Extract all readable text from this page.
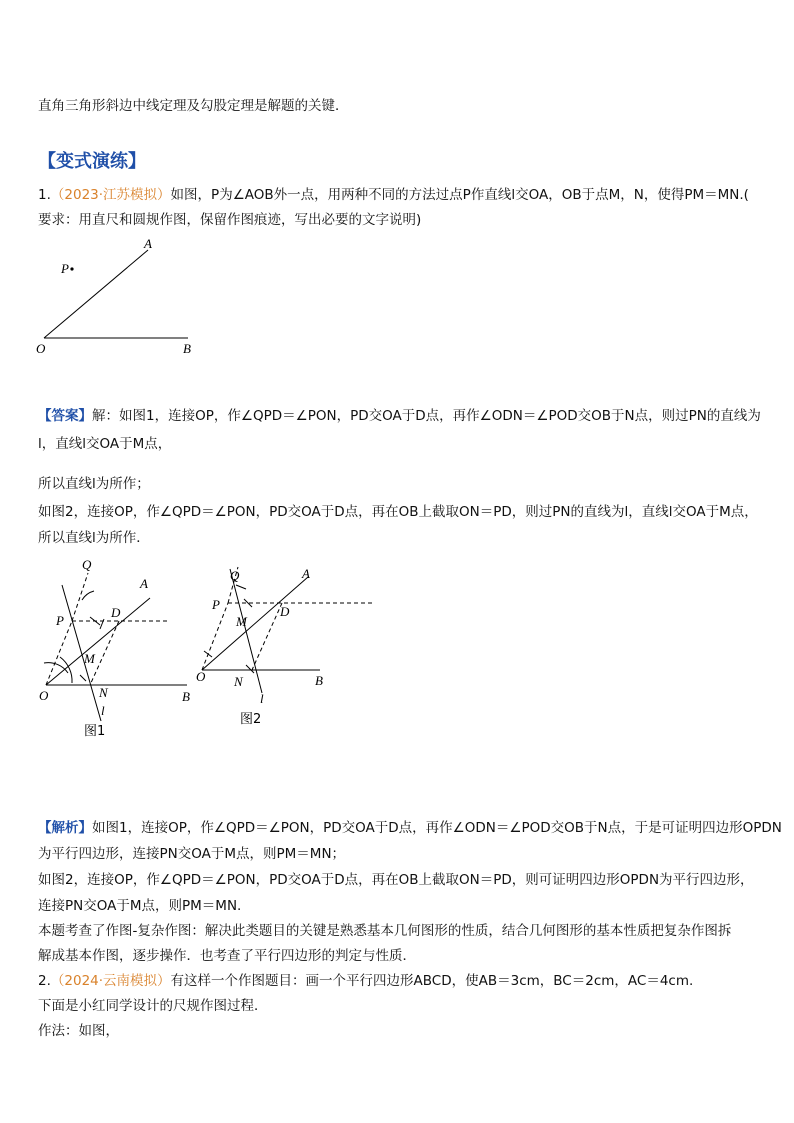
直角三角形斜边中线定理及勾股定理是解题的关键．
【变式演练】
1.（2023·江苏模拟）如图，P为∠AOB外一点，用两种不同的方法过点P作直线l交OA，OB于点M，N，使得PM＝MN.(
要求：用直尺和圆规作图，保留作图痕迹，写出必要的文字说明)
A
P
O	B
【答案】解：如图1，连接OP，作∠QPD＝∠PON，PD交OA于D点，再作∠ODN＝∠POD交OB于N点，则过PN的直线为
l，直线l交OA于M点，
所以直线l为所作；
如图2，连接OP，作∠QPD＝∠PON，PD交OA于D点，再在OB上截取ON＝PD，则过PN的直线为l，直线l交OA于M点，
所以直线l为所作．
Q
A
P
D
M
O	N
l
B
图1
Q	A
P	D
M
O N
l
B
图2
【解析】如图1，连接OP，作∠QPD＝∠PON，PD交OA于D点，再作∠ODN＝∠POD交OB于N点，于是可证明四边形OPDN
为平行四边形，连接PN交OA于M点，则PM＝MN；
如图2，连接OP，作∠QPD＝∠PON，PD交OA于D点，再在OB上截取ON＝PD，则可证明四边形OPDN为平行四边形，
连接PN交OA于M点，则PM＝MN.
本题考查了作图-复杂作图：解决此类题目的关键是熟悉基本几何图形的性质，结合几何图形的基本性质把复杂作图拆
解成基本作图，逐步操作．也考查了平行四边形的判定与性质．
2.（2024·云南模拟）有这样一个作图题目：画一个平行四边形ABCD，使AB＝3cm，BC＝2cm，AC＝4cm.
下面是小红同学设计的尺规作图过程．
作法：如图，
